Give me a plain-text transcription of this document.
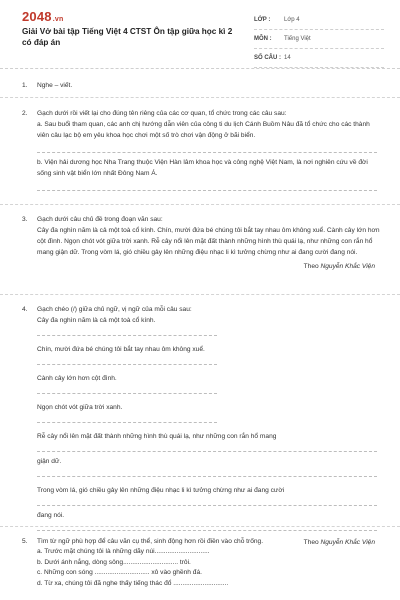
2048.vn
Giải Vở bài tập Tiếng Việt 4 CTST Ôn tập giữa học kì 2 có đáp án
LỚP : Lớp 4
MÔN : Tiếng Việt
SỐ CÂU : 14
1.	Nghe – viết.

2.	Gạch dưới rồi viết lại cho đúng tên riêng của các cơ quan, tổ chức trong các câu sau:

a. Sau buổi tham quan, các anh chị hướng dẫn viên của công ti du lịch Cánh Buồm Nâu đã tổ chức cho các thành viên câu lạc bộ em yêu khoa học chơi một số trò chơi vận động ở bãi biển.

b. Viện hải dương học Nha Trang thuộc Viện Hàn lâm khoa học và công nghệ Việt Nam, là nơi nghiên cứu về đời sống sinh vật biển lớn nhất Đông Nam Á.

3.	Gạch dưới câu chủ đề trong đoạn văn sau:

Cây đa nghìn năm là cả một toà cổ kính. Chín, mười đứa bé chúng tôi bắt tay nhau ôm không xuể. Cành cây lớn hơn cột đình. Ngọn chót vót giữa trời xanh. Rễ cây nổi lên mặt đất thành những hình thù quái lạ, như những con rắn hổ mang giận dữ. Trong vòm lá, gió chiều gảy lên những điệu nhạc li kì tưởng chừng như ai đang cười đang nói.

Theo Nguyễn Khắc Viện

4.	Gạch chéo (/) giữa chủ ngữ, vị ngữ của mỗi câu sau:

Cây đa nghìn năm là cả một toà cổ kính.

Chín, mười đứa bé chúng tôi bắt tay nhau ôm không xuể.

Cành cây lớn hơn cột đình.

Ngọn chót vót giữa trời xanh.

Rễ cây nổi lên mặt đất thành những hình thù quái lạ, như những con rắn hổ mang

giận dữ.

Trong vòm lá, gió chiều gảy lên những điệu nhạc li kì tưởng chừng như ai đang cười

đang nói.

Theo Nguyễn Khắc Viện

5.	Tìm từ ngữ phù hợp để câu văn cụ thể, sinh động hơn rồi điền vào chỗ trống.

a. Trước mặt chúng tôi là những dãy núi..............................

b. Dưới ánh nắng, dòng sông.............................. trôi.

c. Những con sóng .............................. xô vào ghềnh đá.

d. Từ xa, chúng tôi đã nghe thấy tiếng thác đổ ..............................
